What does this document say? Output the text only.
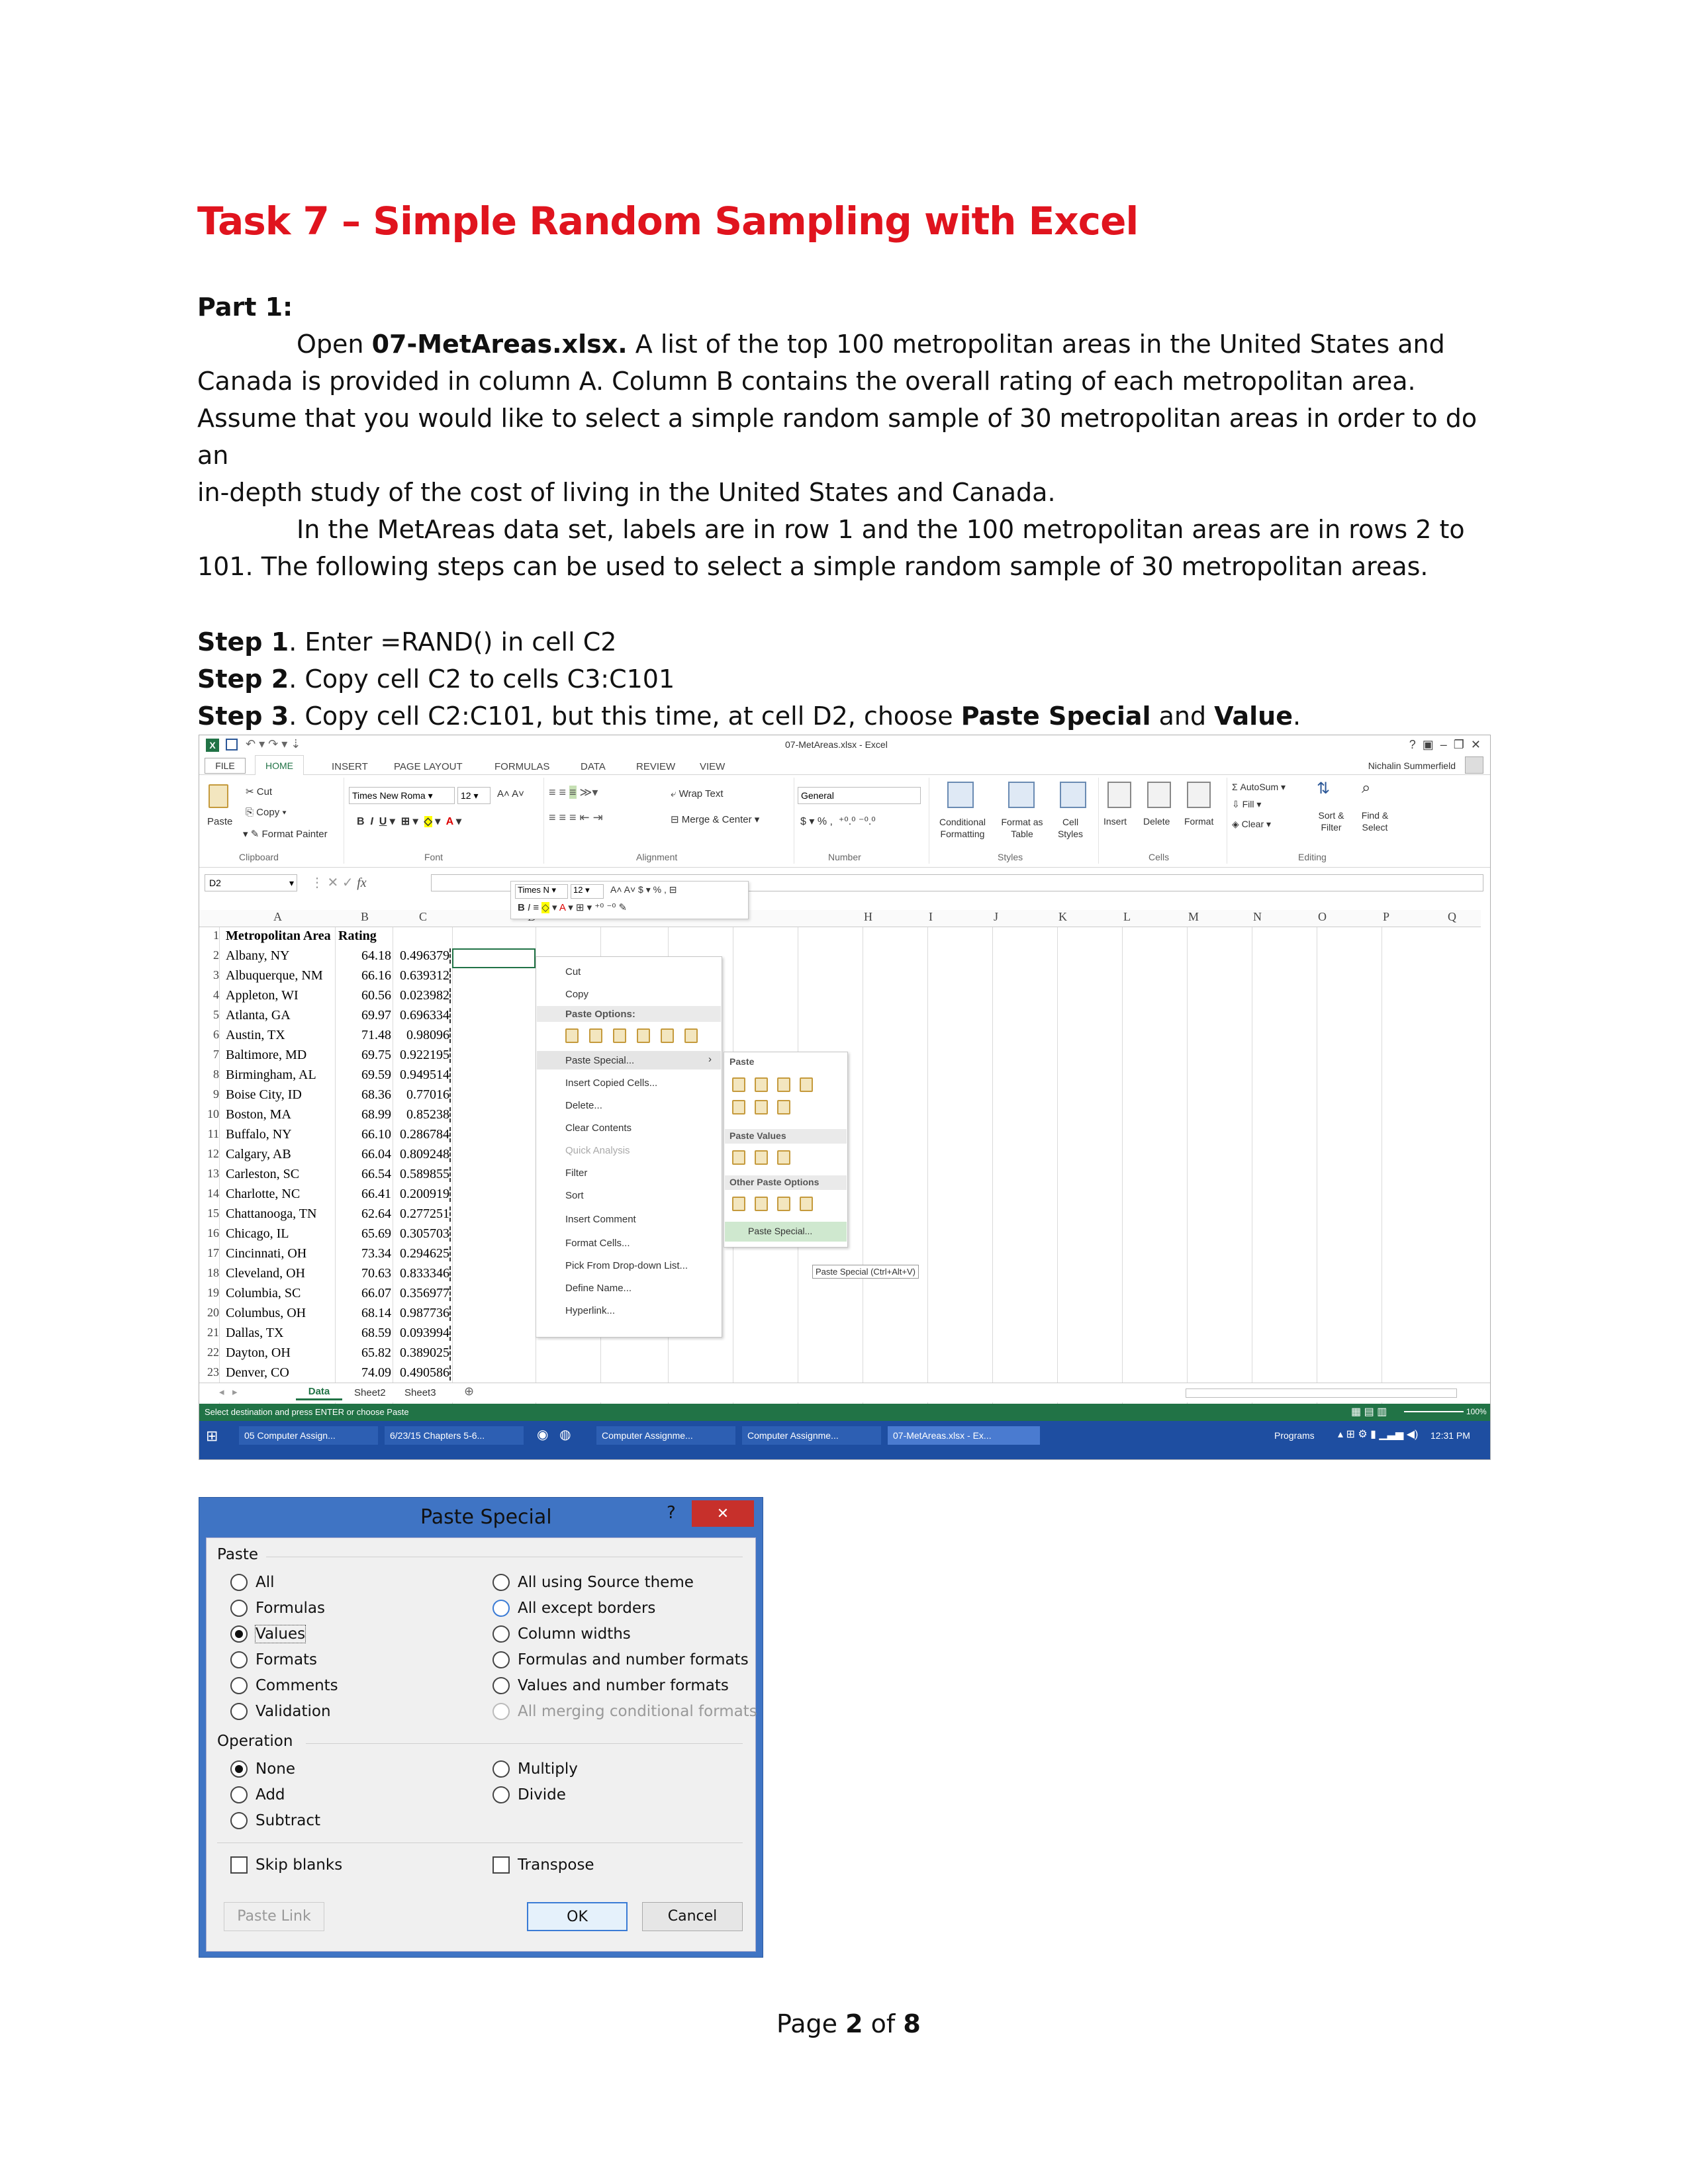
Task 7 – Simple Random Sampling with Excel
Part 1:
Open 07-MetAreas.xlsx. A list of the top 100 metropolitan areas in the United States and
Canada is provided in column A. Column B contains the overall rating of each metropolitan area.
Assume that you would like to select a simple random sample of 30 metropolitan areas in order to do an
in-depth study of the cost of living in the United States and Canada.
In the MetAreas data set, labels are in row 1 and the 100 metropolitan areas are in rows 2 to
101. The following steps can be used to select a simple random sample of 30 metropolitan areas.
Step 1. Enter =RAND() in cell C2
Step 2. Copy cell C2 to cells C3:C101
Step 3. Copy cell C2:C101, but this time, at cell D2, choose Paste Special and Value.
X	↶ ▾ ↷ ▾ ⇣	07-MetAreas.xlsx - Excel	?  ▣  –  ❐  ✕
FILE	HOME	INSERT	PAGE LAYOUT	FORMULAS	DATA	REVIEW VIEW	Nichalin Summerfield
Paste
✂ Cut
⎘ Copy ▾
▾ ✎ Format Painter
Clipboard
Times New Roma ▾	12 ▾	A˄ A˅
B  I U ▾  ⊞ ▾  ◇ ▾  A ▾
Font
≡ ≡ ≡ ≫▾
≡ ≡ ≡ ⇤ ⇥
⤶ Wrap Text
⊟ Merge & Center ▾
Alignment
General
$ ▾ % ,  ⁺⁰.⁰ ⁻⁰.⁰
Number
Conditional Formatting
Format as Table
Cell Styles
Styles
Insert Delete Format
Cells
Σ AutoSum ▾
⇩ Fill ▾
◈ Clear ▾
⇅ ⌕
Sort & Filter
Find & Select
Editing
D2	▾ ⋮ ✕ ✓ fx
A	B	C	H	I	J	K	L	M	N	O	P	Q
1 Metropolitan Area Rating
2 Albany, NY	64.18 0.496379
3 Albuquerque, NM	66.16 0.639312
4 Appleton, WI	60.56 0.023982
5 Atlanta, GA	69.97 0.696334
6 Austin, TX	71.48	0.98096
7 Baltimore, MD	69.75 0.922195
8 Birmingham, AL	69.59 0.949514
9 Boise City, ID	68.36	0.77016
10 Boston, MA	68.99	0.85238
11 Buffalo, NY	66.10 0.286784
12 Calgary, AB	66.04 0.809248
13 Carleston, SC	66.54 0.589855
14 Charlotte, NC	66.41 0.200919
15 Chattanooga, TN	62.64 0.277251
16 Chicago, IL	65.69 0.305703
17 Cincinnati, OH	73.34 0.294625
18 Cleveland, OH	70.63 0.833346
19 Columbia, SC	66.07 0.356977
20 Columbus, OH	68.14 0.987736
21 Dallas, TX	68.59 0.093994
22 Dayton, OH	65.82 0.389025
23 Denver, CO	74.09 0.490586
Times N ▾	12 ▾	A˄ A˅ $ ▾ % , ⊟
B I ≡ ◇ ▾ A ▾ ⊞ ▾ ⁺⁰ ⁻⁰ ✎
Cut
Copy
Paste Options:
Paste Special...	›
Insert Copied Cells...
Delete...
Clear Contents
Quick Analysis
Filter
Sort
Insert Comment
Format Cells...
Pick From Drop-down List...
Define Name...
Hyperlink...
Paste
Paste Values
Other Paste Options
Paste Special...
Paste Special (Ctrl+Alt+V)
◂   ▸	Data	Sheet2 Sheet3 ⊕
Select destination and press ENTER or choose Paste	▦ ▤ ▥	100%
⊞	05 Computer Assign...	6/23/15 Chapters 5-6...	◉   ◍	Computer Assignme...	Computer Assignme...	07-MetAreas.xlsx - Ex...	Programs ▴ ⊞ ⚙ ▮ ▁▃▅ ◀) 12:31 PM
Paste Special	?	✕
Paste
All
Formulas
Values
Formats
Comments
Validation
All using Source theme
All except borders
Column widths
Formulas and number formats
Values and number formats
All merging conditional formats
Operation
None
Add
Subtract
Multiply
Divide
Skip blanks	Transpose
Paste Link	OK	Cancel
Page 2 of 8
